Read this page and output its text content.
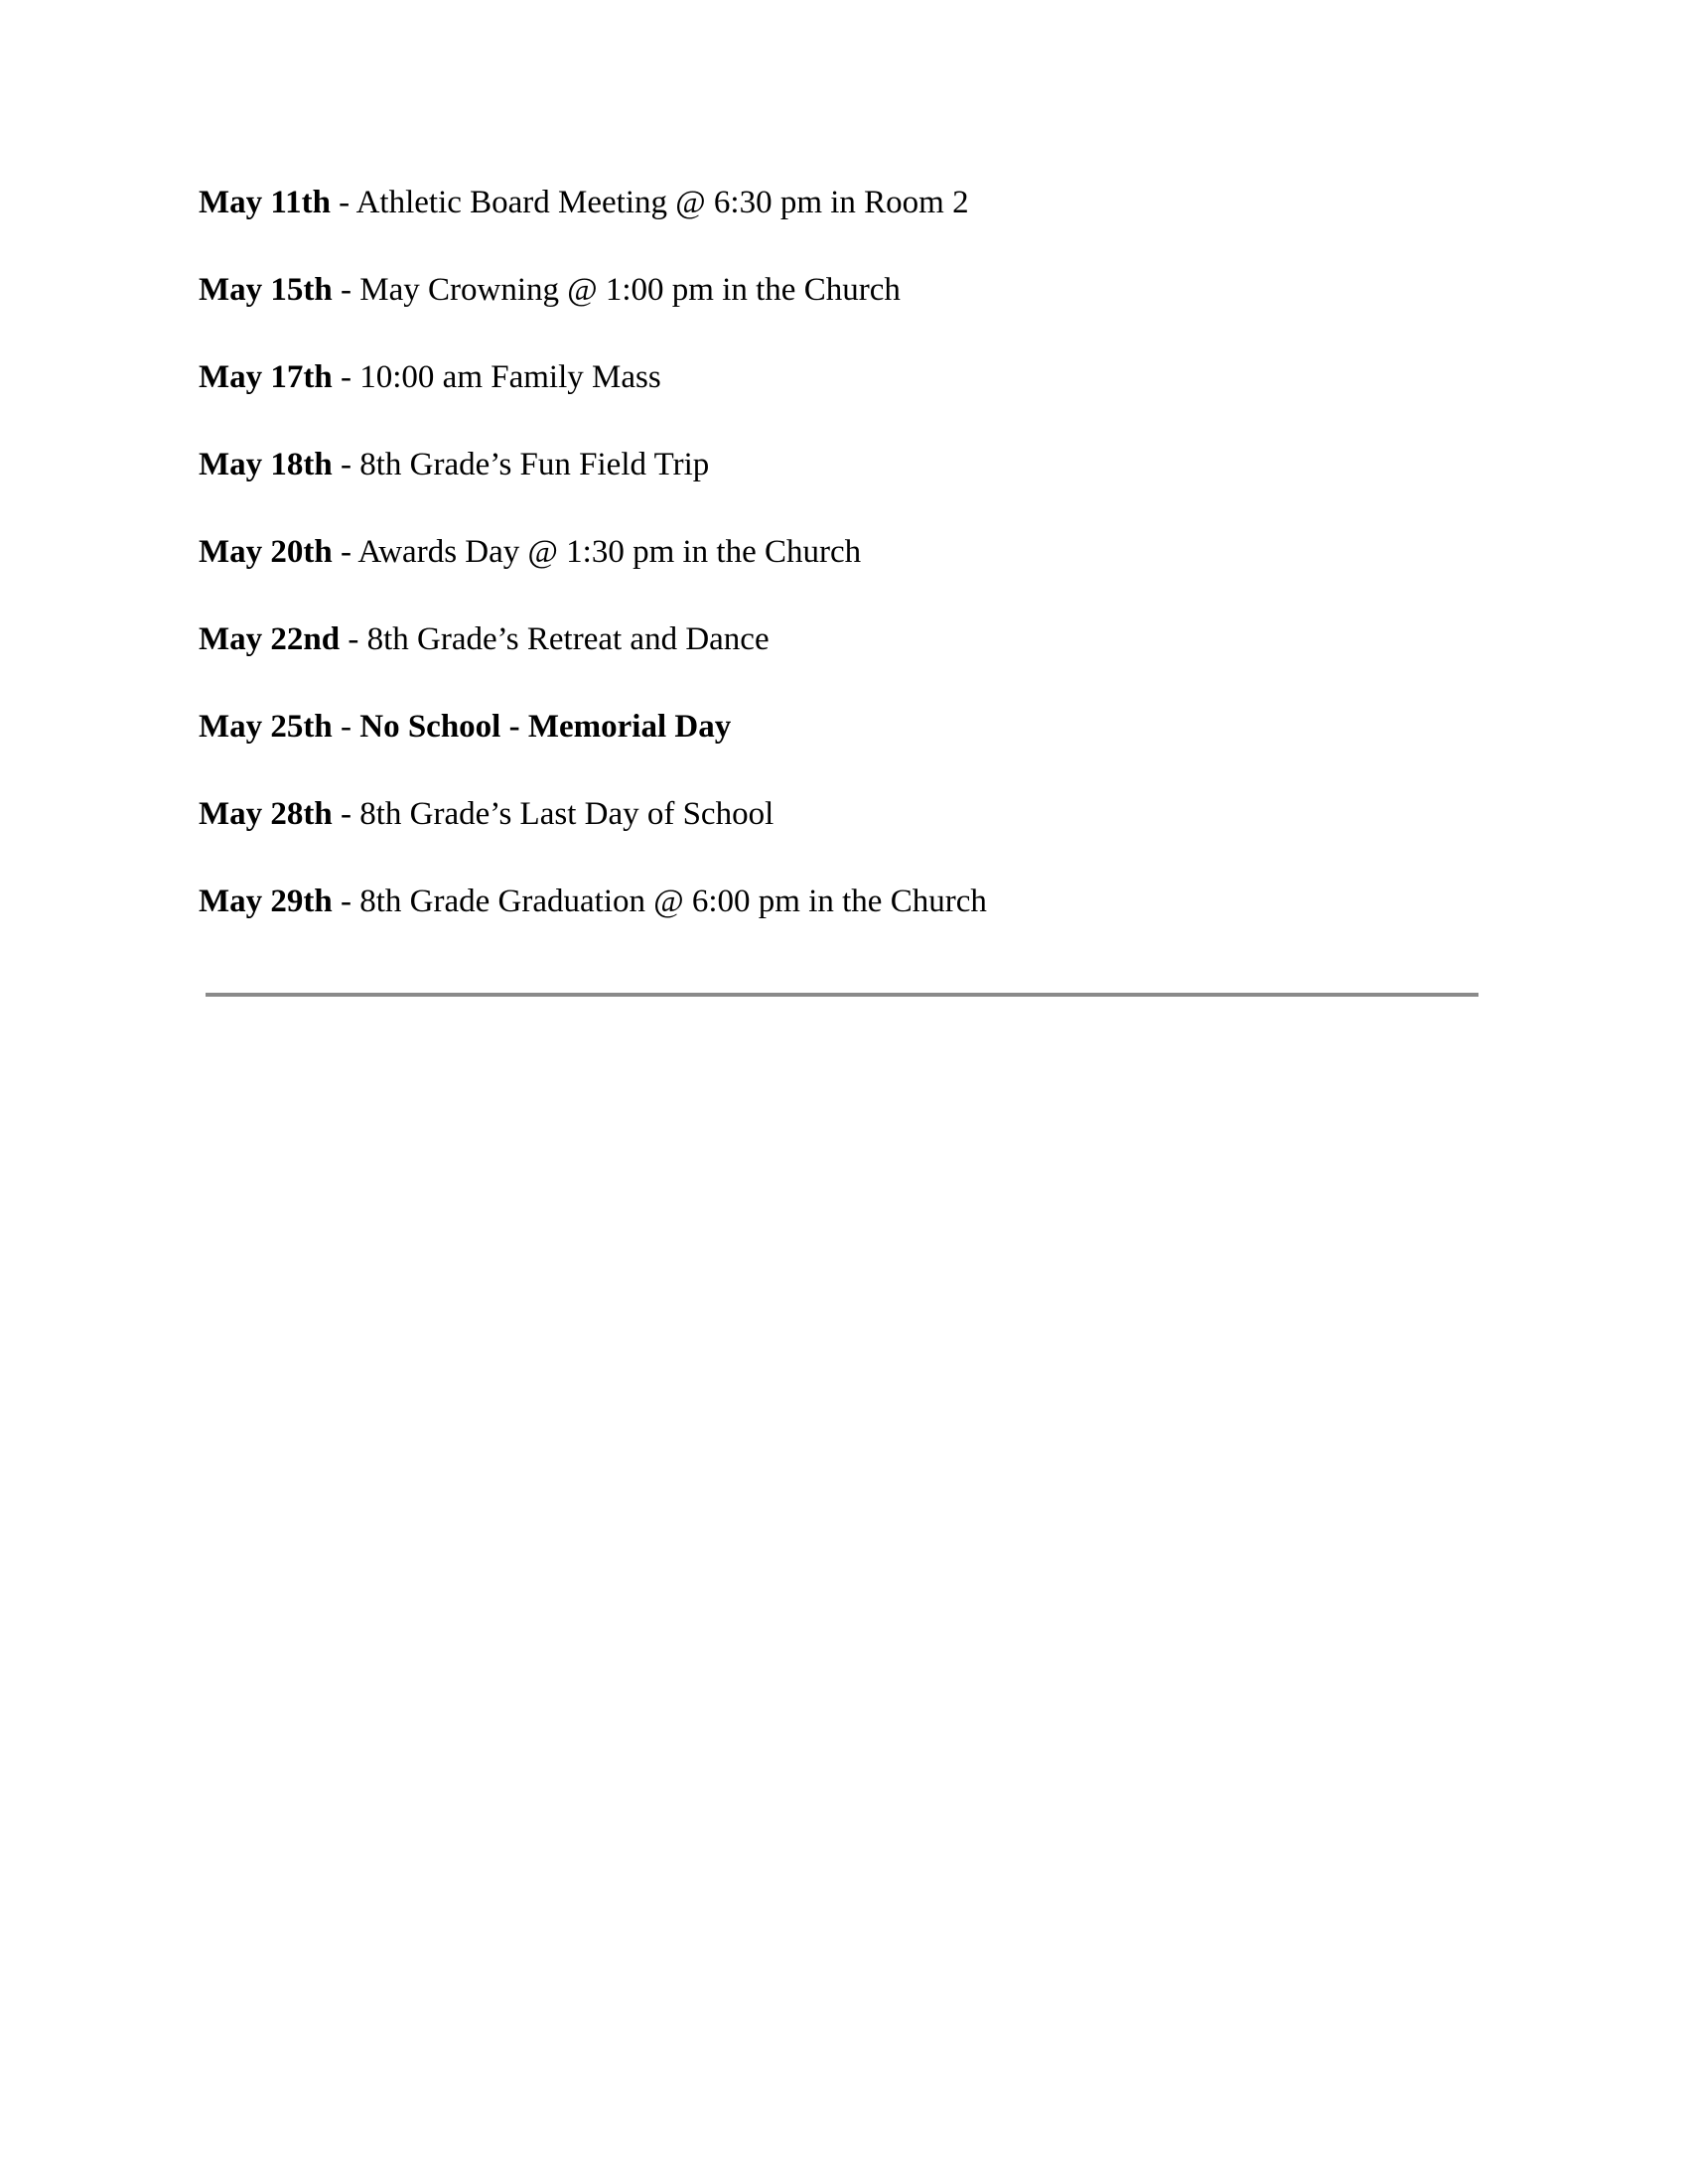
May 11th - Athletic Board Meeting @ 6:30 pm in Room 2
May 15th - May Crowning @ 1:00 pm in the Church
May 17th - 10:00 am Family Mass
May 18th - 8th Grade’s Fun Field Trip
May 20th - Awards Day @ 1:30 pm in the Church
May 22nd - 8th Grade’s Retreat and Dance
May 25th - No School - Memorial Day
May 28th - 8th Grade’s Last Day of School
May 29th - 8th Grade Graduation @ 6:00 pm in the Church
